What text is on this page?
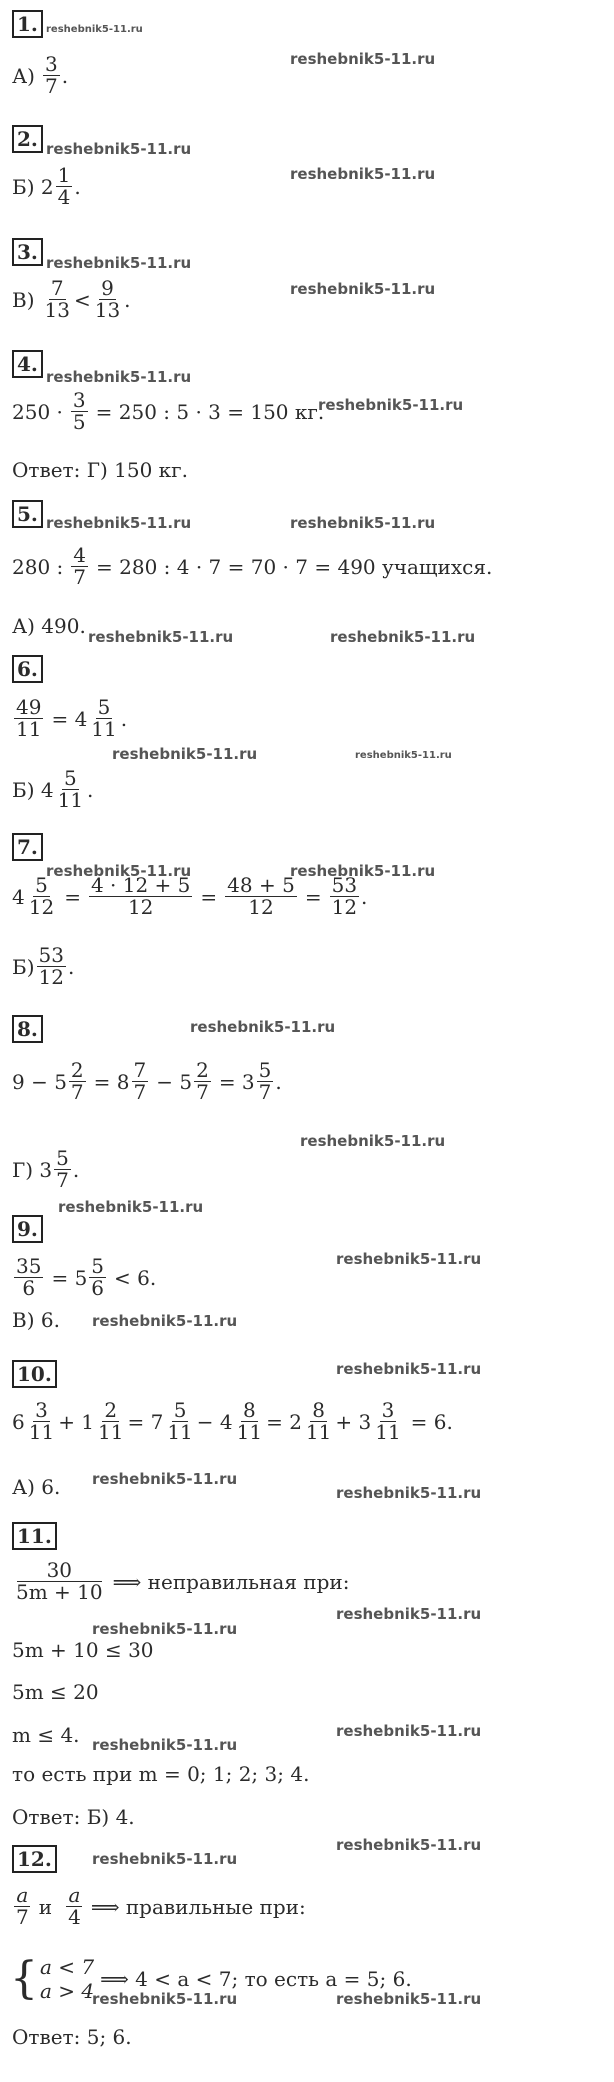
1. reshebnik5-11.ru
reshebnik5-11.ru
$А) \frac{3}{7}$ .
2. reshebnik5-11.ru
reshebnik5-11.ru
Б) $2 \frac{1}{4}$ .
3. reshebnik5-11.ru
reshebnik5-11.ru
$В) \frac{7}{13} < \frac{9}{13}$ .
4.
reshebnik5-11.ru
reshebnik5-11.ru
$250 \cdot \frac{3}{5} = 250$ : 5 · 3 = 150 кг.
Ответ: Г) 150 кг.
5. reshebnik5-11.ru	reshebnik5-11.ru
280 : $\frac{4}{7} = 280$ : 4 · 7 = 70 · 7 = 490 учащихся.
А) 490. reshebnik5-11.ru	reshebnik5-11.ru
6.
$\frac{49}{11} = 4 \frac{5}{11}$ .
reshebnik5-11.ru	reshebnik5-11.ru
Б) $4 \frac{5}{11}$ .
7.
reshebnik5-11.ru	reshebnik5-11.ru
$4 \frac{5}{12} = \frac{4 \cdot 12 + 5}{12} = \frac{48 + 5}{12} = \frac{53}{12}$ .
$Б) \frac{53}{12}$ .
8.	reshebnik5-11.ru
$9 - 5 \frac{2}{7} = 8 \frac{7}{7} - 5 \frac{2}{7} = 3 \frac{5}{7}$ .
reshebnik5-11.ru
Г) $3 \frac{5}{7}$ .
reshebnik5-11.ru
9.
reshebnik5-11.ru
$\frac{35}{6} = 5 \frac{5}{6} < 6$.
В) 6. reshebnik5-11.ru
10.	reshebnik5-11.ru
$6 \frac{3}{11} + 1 \frac{2}{11} = 7 \frac{5}{11} - 4 \frac{8}{11} = 2 \frac{8}{11} + 3 \frac{3}{11} = 6$.
А) 6. reshebnik5-11.ru
reshebnik5-11.ru
11.
$\frac{30}{5m + 10}$ ⟹ неправильная при:
reshebnik5-11.ru
reshebnik5-11.ru
5m + 10 ≤ 30
5m ≤ 20
m ≤ 4.	reshebnik5-11.ru
reshebnik5-11.ru
то есть при m = 0; 1; 2; 3; 4.
Ответ: Б) 4.
12.	reshebnik5-11.ru
reshebnik5-11.ru
$\frac{a}{7}$ и $\frac{a}{4}$ ⟹ правильные при:
{ a < 7
a > 4 ⟹ 4 < a < 7; то есть a = 5; 6.
reshebnik5-11.ru	reshebnik5-11.ru
Ответ: 5; 6.
